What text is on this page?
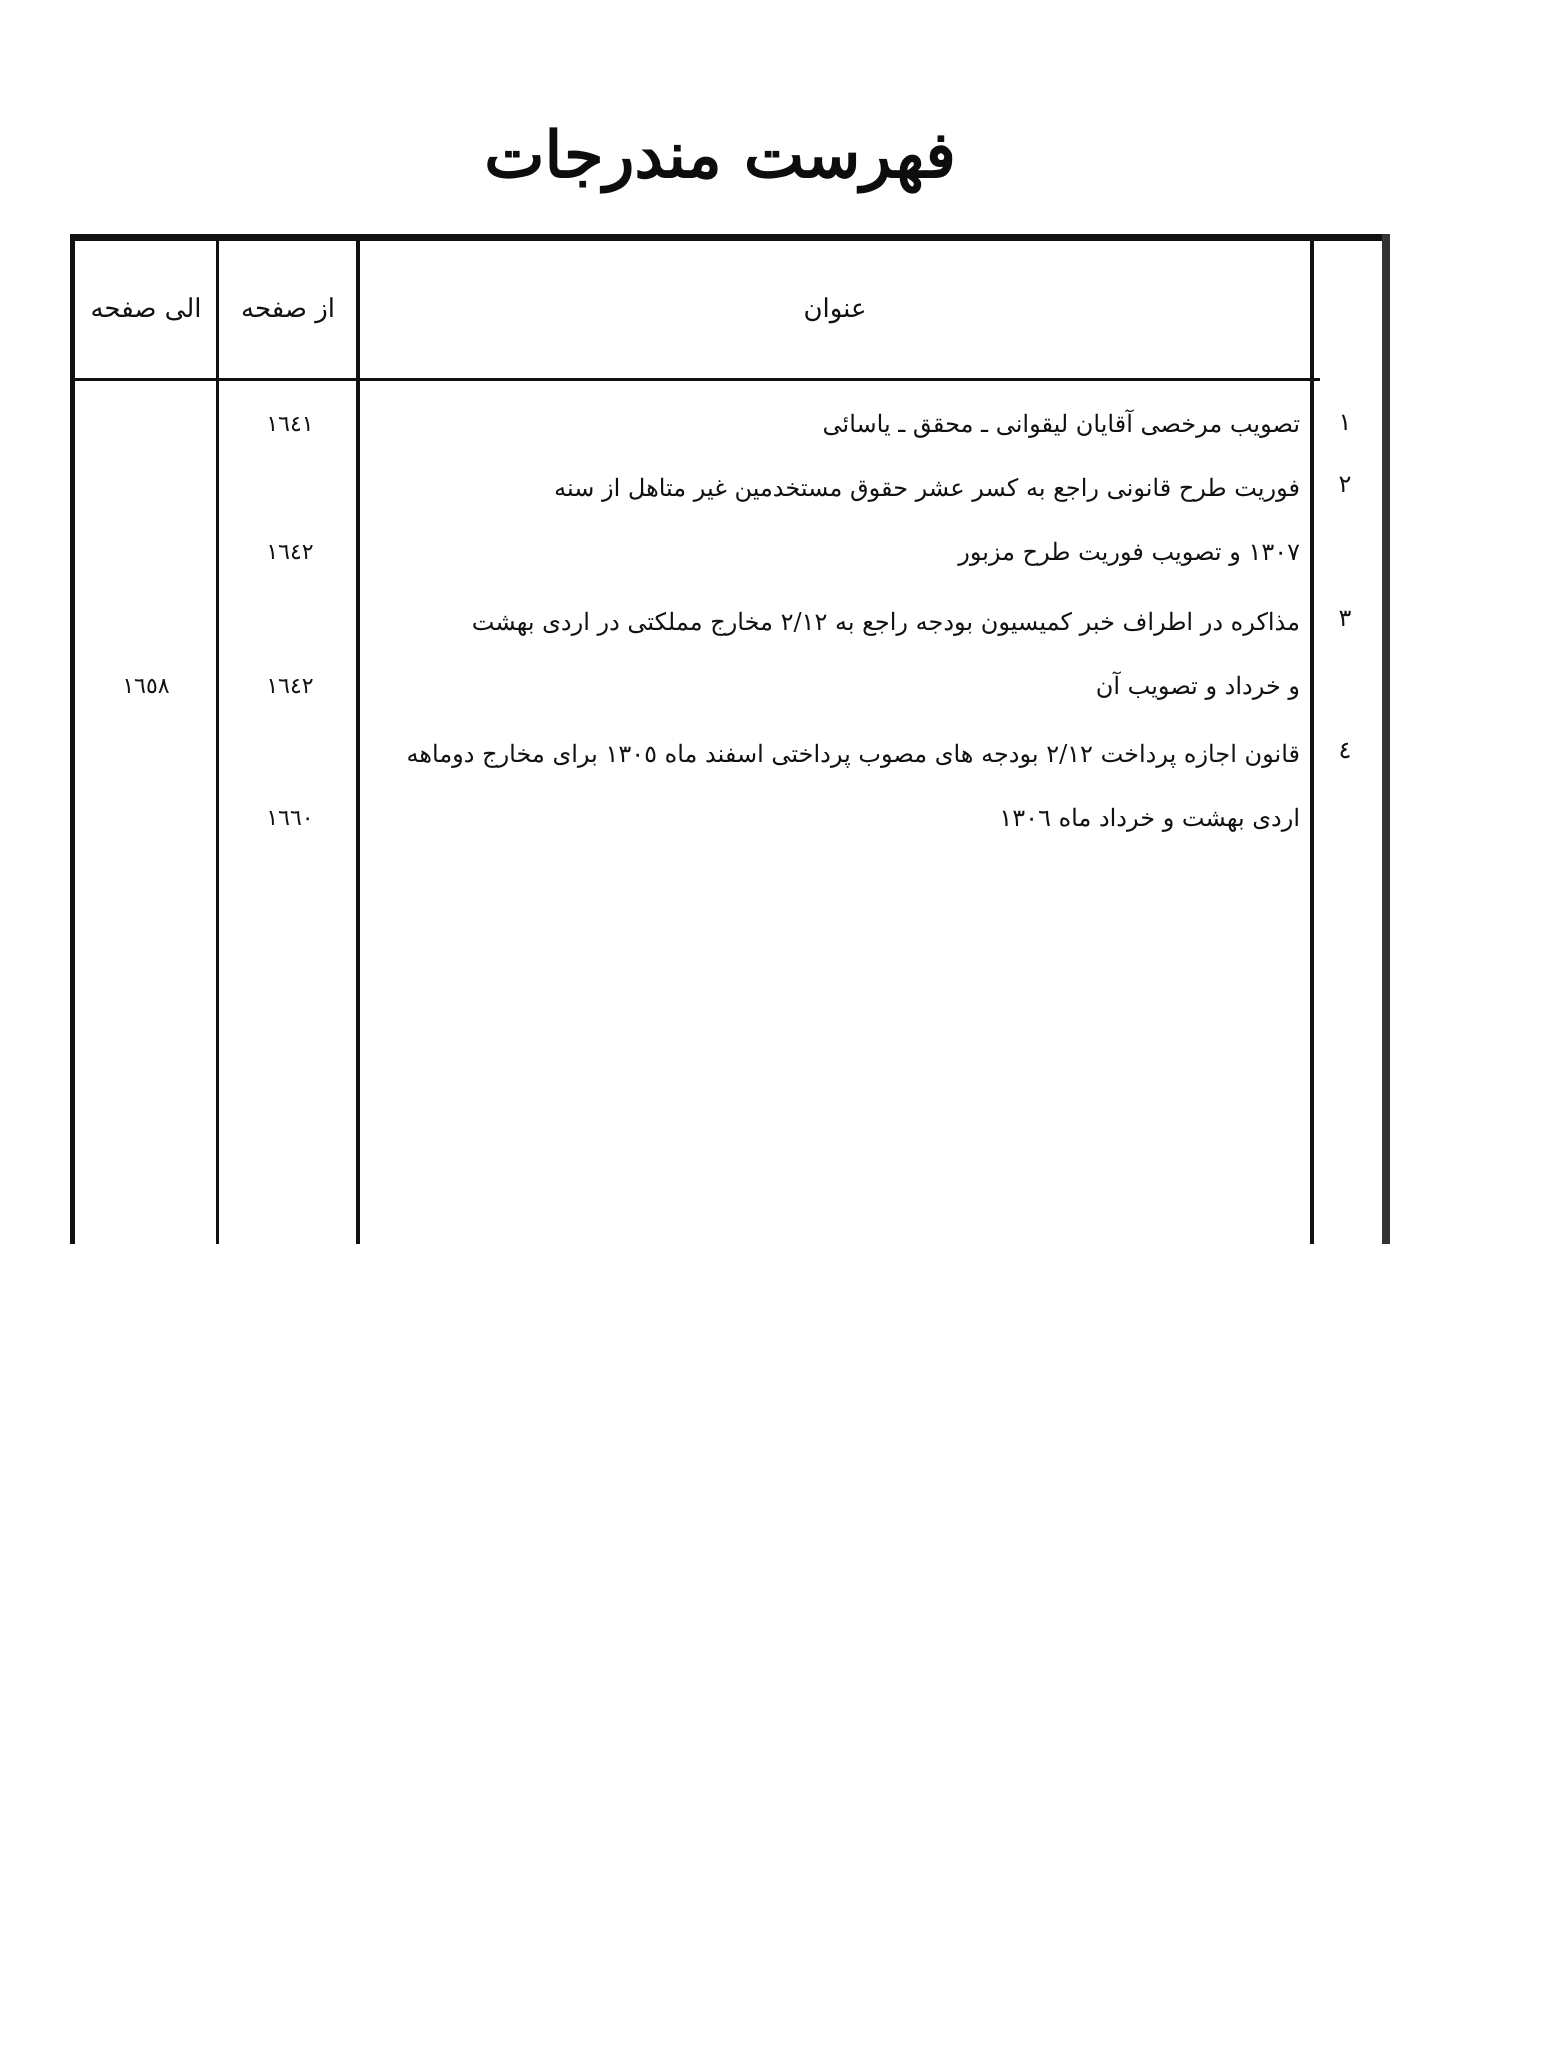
فهرست مندرجات
الی صفحه	از صفحه	عنوان
١
تصویب مرخصی آقایان لیقوانی ـ محقق ـ یاسائی
١٦٤١
٢
فوریت طرح قانونی راجع به کسر عشر حقوق مستخدمین غیر متاهل از سنه
١٣٠٧ و تصویب فوریت طرح مزبور
١٦٤٢
٣
مذاکره در اطراف خبر کمیسیون بودجه راجع به ٢/١٢ مخارج مملکتی در اردی بهشت
و خرداد و تصویب آن
١٦٤٢
١٦٥٨
٤
قانون اجازه پرداخت ٢/١٢ بودجه های مصوب پرداختی اسفند ماه ١٣٠٥ برای مخارج دوماهه
اردی بهشت و خرداد ماه ١٣٠٦
١٦٦٠
